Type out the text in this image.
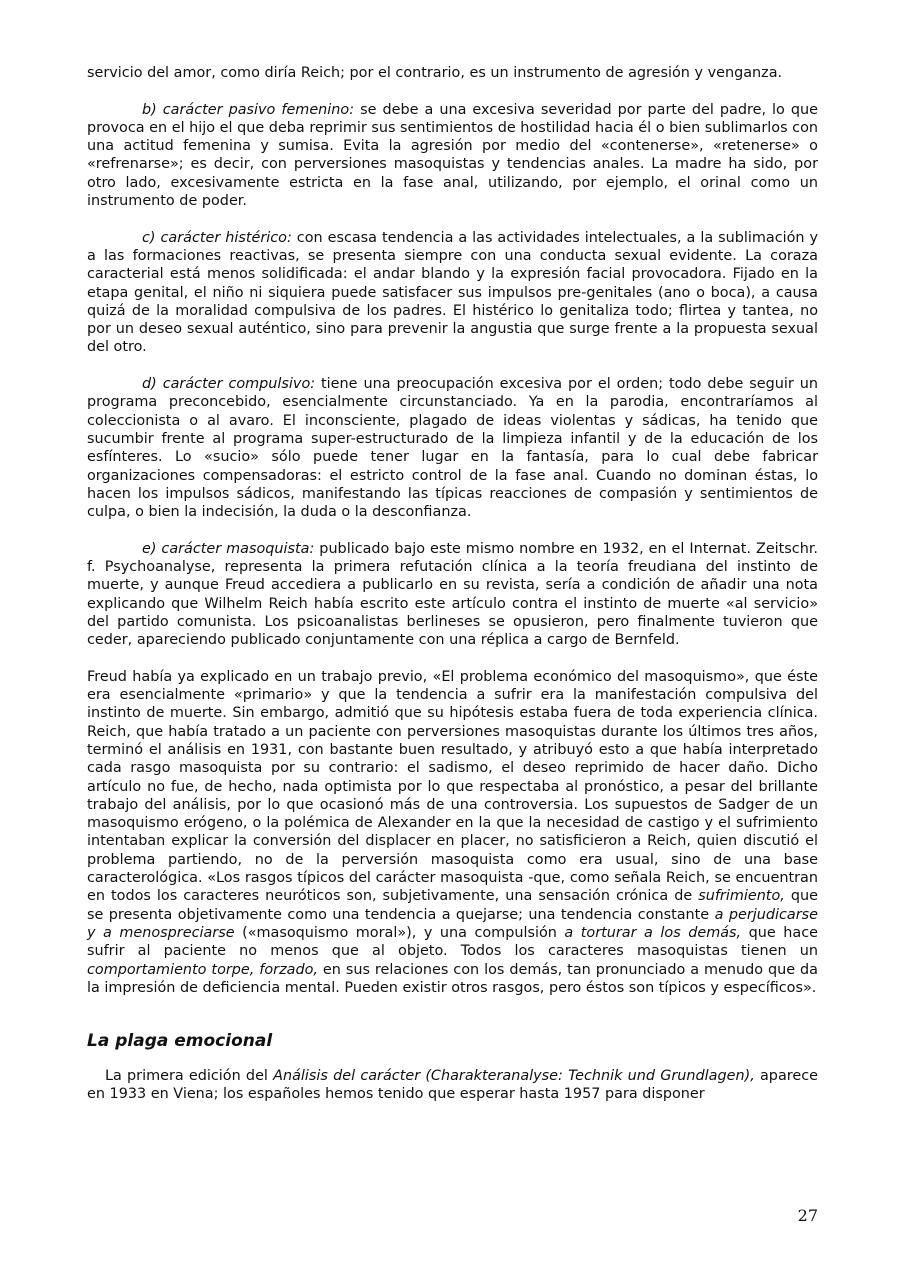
servicio del amor, como diría Reich; por el contrario, es un instrumento de agresión y venganza.

b) carácter pasivo femenino: se debe a una excesiva severidad por parte del padre, lo que provoca en el hijo el que deba reprimir sus sentimientos de hostilidad hacia él o bien sublimarlos con una actitud femenina y sumisa. Evita la agresión por medio del «contenerse», «retenerse» o «refrenarse»; es decir, con perversiones masoquistas y tendencias anales. La madre ha sido, por otro lado, excesivamente estricta en la fase anal, utilizando, por ejemplo, el orinal como un instrumento de poder.

c) carácter histérico: con escasa tendencia a las actividades intelectuales, a la sublimación y a las formaciones reactivas, se presenta siempre con una conducta sexual evidente. La coraza caracterial está menos solidificada: el andar blando y la expresión facial provocadora. Fijado en la etapa genital, el niño ni siquiera puede satisfacer sus impulsos pre-genitales (ano o boca), a causa quizá de la moralidad compulsiva de los padres. El histérico lo genitaliza todo; flirtea y tantea, no por un deseo sexual auténtico, sino para prevenir la angustia que surge frente a la propuesta sexual del otro.

d) carácter compulsivo: tiene una preocupación excesiva por el orden; todo debe seguir un programa preconcebido, esencialmente circunstanciado. Ya en la parodia, encontraríamos al coleccionista o al avaro. El inconsciente, plagado de ideas violentas y sádicas, ha tenido que sucumbir frente al programa super-estructurado de la limpieza infantil y de la educación de los esfínteres. Lo «sucio» sólo puede tener lugar en la fantasía, para lo cual debe fabricar organizaciones compensadoras: el estricto control de la fase anal. Cuando no dominan éstas, lo hacen los impulsos sádicos, manifestando las típicas reacciones de compasión y sentimientos de culpa, o bien la indecisión, la duda o la desconfianza.

e) carácter masoquista: publicado bajo este mismo nombre en 1932, en el Internat. Zeitschr. f. Psychoanalyse, representa la primera refutación clínica a la teoría freudiana del instinto de muerte, y aunque Freud accediera a publicarlo en su revista, sería a condición de añadir una nota explicando que Wilhelm Reich había escrito este artículo contra el instinto de muerte «al servicio» del partido comunista. Los psicoanalistas berlineses se opusieron, pero finalmente tuvieron que ceder, apareciendo publicado conjuntamente con una réplica a cargo de Bernfeld.

Freud había ya explicado en un trabajo previo, «El problema económico del masoquismo», que éste era esencialmente «primario» y que la tendencia a sufrir era la manifestación compulsiva del instinto de muerte. Sin embargo, admitió que su hipótesis estaba fuera de toda experiencia clínica. Reich, que había tratado a un paciente con perversiones masoquistas durante los últimos tres años, terminó el análisis en 1931, con bastante buen resultado, y atribuyó esto a que había interpretado cada rasgo masoquista por su contrario: el sadismo, el deseo reprimido de hacer daño. Dicho artículo no fue, de hecho, nada optimista por lo que respectaba al pronóstico, a pesar del brillante trabajo del análisis, por lo que ocasionó más de una controversia. Los supuestos de Sadger de un masoquismo erógeno, o la polémica de Alexander en la que la necesidad de castigo y el sufrimiento intentaban explicar la conversión del displacer en placer, no satisficieron a Reich, quien discutió el problema partiendo, no de la perversión masoquista como era usual, sino de una base caracterológica. «Los rasgos típicos del carácter masoquista -que, como señala Reich, se encuentran en todos los caracteres neuróticos son, subjetivamente, una sensación crónica de sufrimiento, que se presenta objetivamente como una tendencia a quejarse; una tendencia constante a perjudicarse y a menospreciarse («masoquismo moral»), y una compulsión a torturar a los demás, que hace sufrir al paciente no menos que al objeto. Todos los caracteres masoquistas tienen un comportamiento torpe, forzado, en sus relaciones con los demás, tan pronunciado a menudo que da la impresión de deficiencia mental. Pueden existir otros rasgos, pero éstos son típicos y específicos».

La plaga emocional

La primera edición del Análisis del carácter (Charakteranalyse: Technik und Grundlagen), aparece en 1933 en Viena; los españoles hemos tenido que esperar hasta 1957 para disponer

27
